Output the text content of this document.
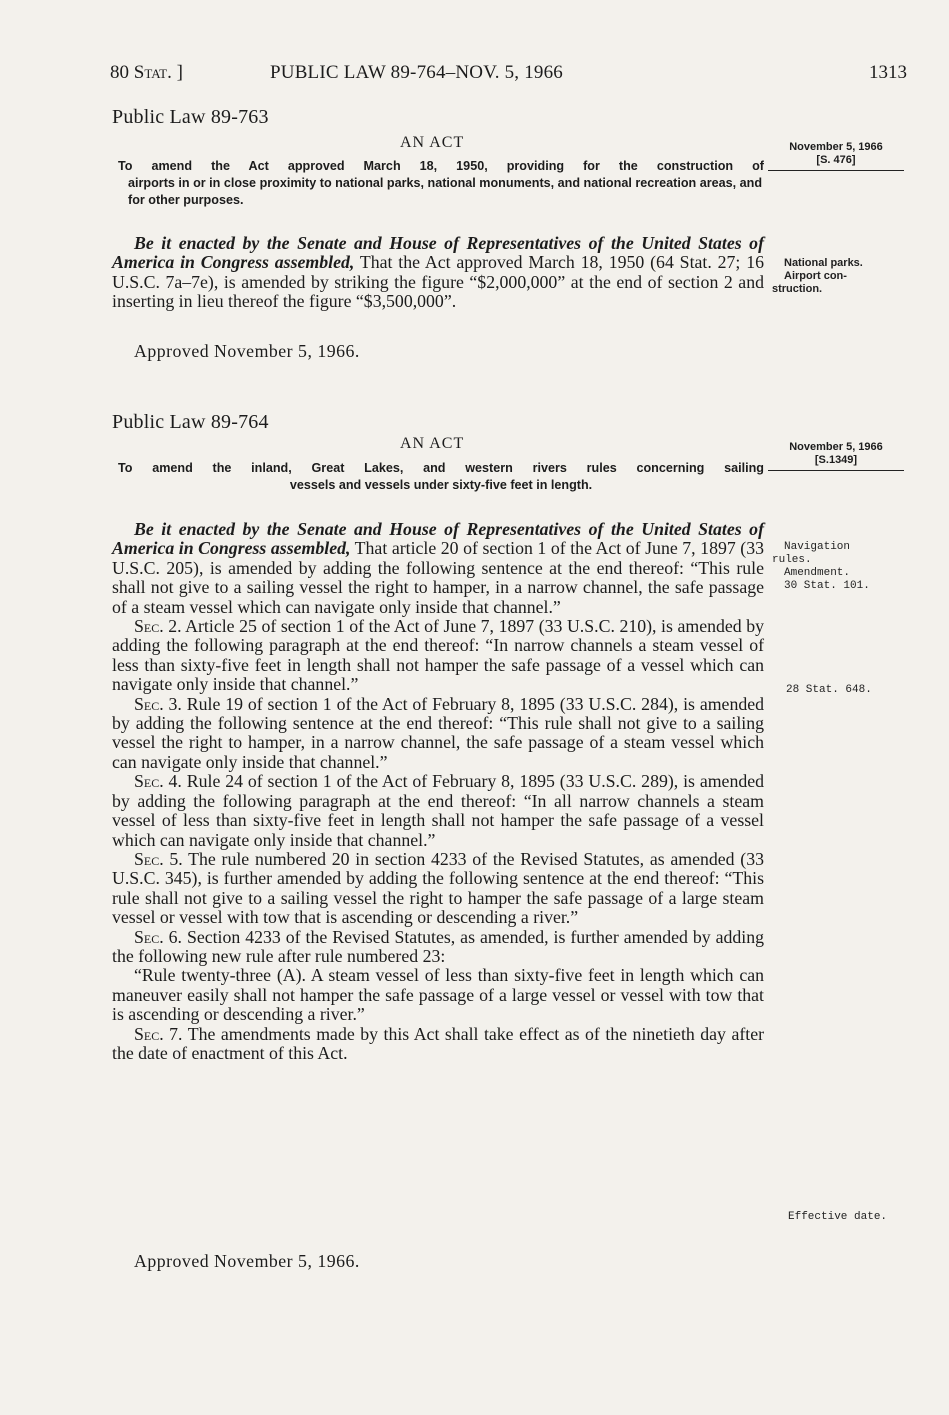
80 Stat. ]	PUBLIC LAW 89-764–NOV. 5, 1966	1313
Public Law 89-763
AN ACT	November 5, 1966
[S. 476]
To amend the Act approved March 18, 1950, providing for the construction of
airports in or in close proximity to national parks, national monuments, and national recreation areas, and for other purposes.

Be it enacted by the Senate and House of Representatives of the United States of America in Congress assembled, That the Act approved March 18, 1950 (64 Stat. 27; 16 U.S.C. 7a–7e), is amended by striking the figure “$2,000,000” at the end of section 2 and inserting in lieu thereof the figure “$3,500,000”.

Approved November 5, 1966.
National parks.
Airport con-
struction.
Public Law 89-764
AN ACT	November 5, 1966
[S.1349]
To amend the inland, Great Lakes, and western rivers rules concerning sailing
vessels and vessels under sixty-five feet in length.

Be it enacted by the Senate and House of Representatives of the United States of America in Congress assembled, That article 20 of section 1 of the Act of June 7, 1897 (33 U.S.C. 205), is amended by adding the following sentence at the end thereof: “This rule shall not give to a sailing vessel the right to hamper, in a narrow channel, the safe passage of a steam vessel which can navigate only inside that channel.”

Sec. 2. Article 25 of section 1 of the Act of June 7, 1897 (33 U.S.C. 210), is amended by adding the following paragraph at the end thereof: “In narrow channels a steam vessel of less than sixty-five feet in length shall not hamper the safe passage of a vessel which can navigate only inside that channel.”

Sec. 3. Rule 19 of section 1 of the Act of February 8, 1895 (33 U.S.C. 284), is amended by adding the following sentence at the end thereof: “This rule shall not give to a sailing vessel the right to hamper, in a narrow channel, the safe passage of a steam vessel which can navigate only inside that channel.”

Sec. 4. Rule 24 of section 1 of the Act of February 8, 1895 (33 U.S.C. 289), is amended by adding the following paragraph at the end thereof: “In all narrow channels a steam vessel of less than sixty-five feet in length shall not hamper the safe passage of a vessel which can navigate only inside that channel.”

Sec. 5. The rule numbered 20 in section 4233 of the Revised Statutes, as amended (33 U.S.C. 345), is further amended by adding the following sentence at the end thereof: “This rule shall not give to a sailing vessel the right to hamper the safe passage of a large steam vessel or vessel with tow that is ascending or descending a river.”

Sec. 6. Section 4233 of the Revised Statutes, as amended, is further amended by adding the following new rule after rule numbered 23:

“Rule twenty-three (A). A steam vessel of less than sixty-five feet in length which can maneuver easily shall not hamper the safe passage of a large vessel or vessel with tow that is ascending or descending a river.”

Sec. 7. The amendments made by this Act shall take effect as of the ninetieth day after the date of enactment of this Act.

Approved November 5, 1966.
Navigation
rules.
Amendment.
30 Stat. 101.
28 Stat. 648.
Effective date.
